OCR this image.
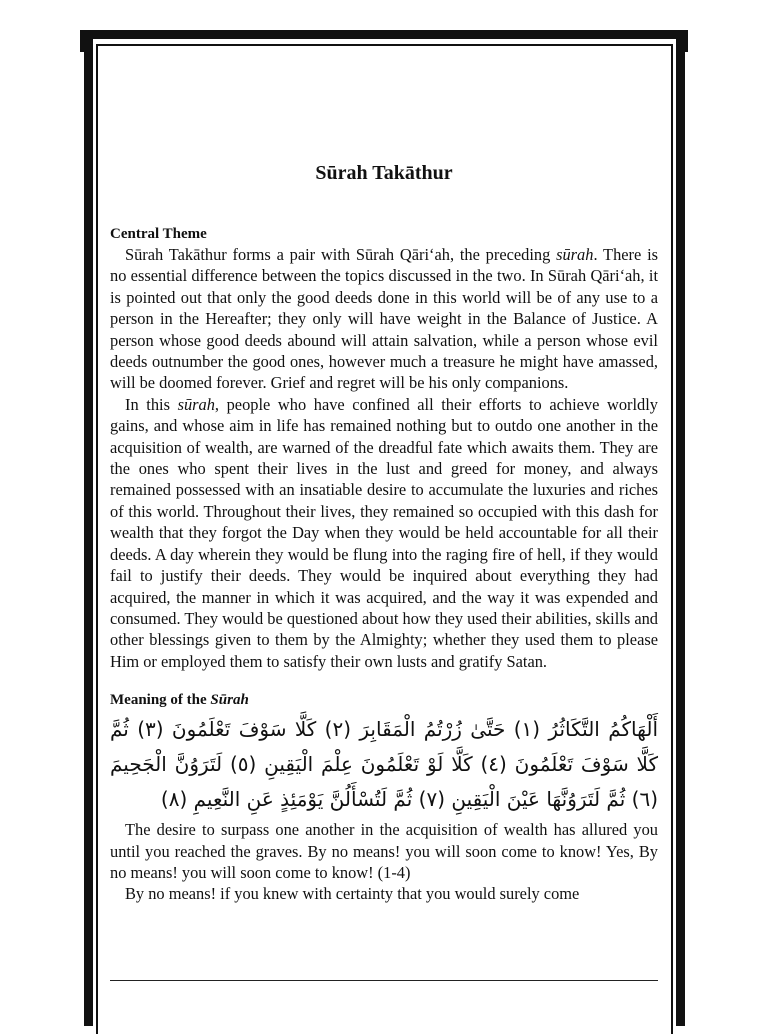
Sūrah Takāthur

Central Theme

Sūrah Takāthur forms a pair with Sūrah Qāri‘ah, the preceding sūrah. There is no essential difference between the topics discussed in the two. In Sūrah Qāri‘ah, it is pointed out that only the good deeds done in this world will be of any use to a person in the Hereafter; they only will have weight in the Balance of Justice. A person whose good deeds abound will attain salvation, while a person whose evil deeds outnumber the good ones, however much a treasure he might have amassed, will be doomed forever. Grief and regret will be his only companions.

In this sūrah, people who have confined all their efforts to achieve worldly gains, and whose aim in life has remained nothing but to outdo one another in the acquisition of wealth, are warned of the dreadful fate which awaits them. They are the ones who spent their lives in the lust and greed for money, and always remained possessed with an insatiable desire to accumulate the luxuries and riches of this world. Throughout their lives, they remained so occupied with this dash for wealth that they forgot the Day when they would be held accountable for all their deeds. A day wherein they would be flung into the raging fire of hell, if they would fail to justify their deeds. They would be inquired about everything they had acquired, the manner in which it was acquired, and the way it was expended and consumed. They would be questioned about how they used their abilities, skills and other blessings given to them by the Almighty; whether they used them to please Him or employed them to satisfy their own lusts and gratify Satan.

Meaning of the Sūrah

أَلْهَاكُمُ التَّكَاثُرُ (١) حَتَّىٰ زُرْتُمُ الْمَقَابِرَ (٢) كَلَّا سَوْفَ تَعْلَمُونَ (٣) ثُمَّ كَلَّا سَوْفَ تَعْلَمُونَ (٤) كَلَّا لَوْ تَعْلَمُونَ عِلْمَ الْيَقِينِ (٥) لَتَرَوُنَّ الْجَحِيمَ (٦) ثُمَّ لَتَرَوُنَّهَا عَيْنَ الْيَقِينِ (٧) ثُمَّ لَتُسْأَلُنَّ يَوْمَئِذٍ عَنِ النَّعِيمِ (٨)

The desire to surpass one another in the acquisition of wealth has allured you until you reached the graves. By no means! you will soon come to know! Yes, By no means! you will soon come to know! (1-4)

By no means! if you knew with certainty that you would surely come
